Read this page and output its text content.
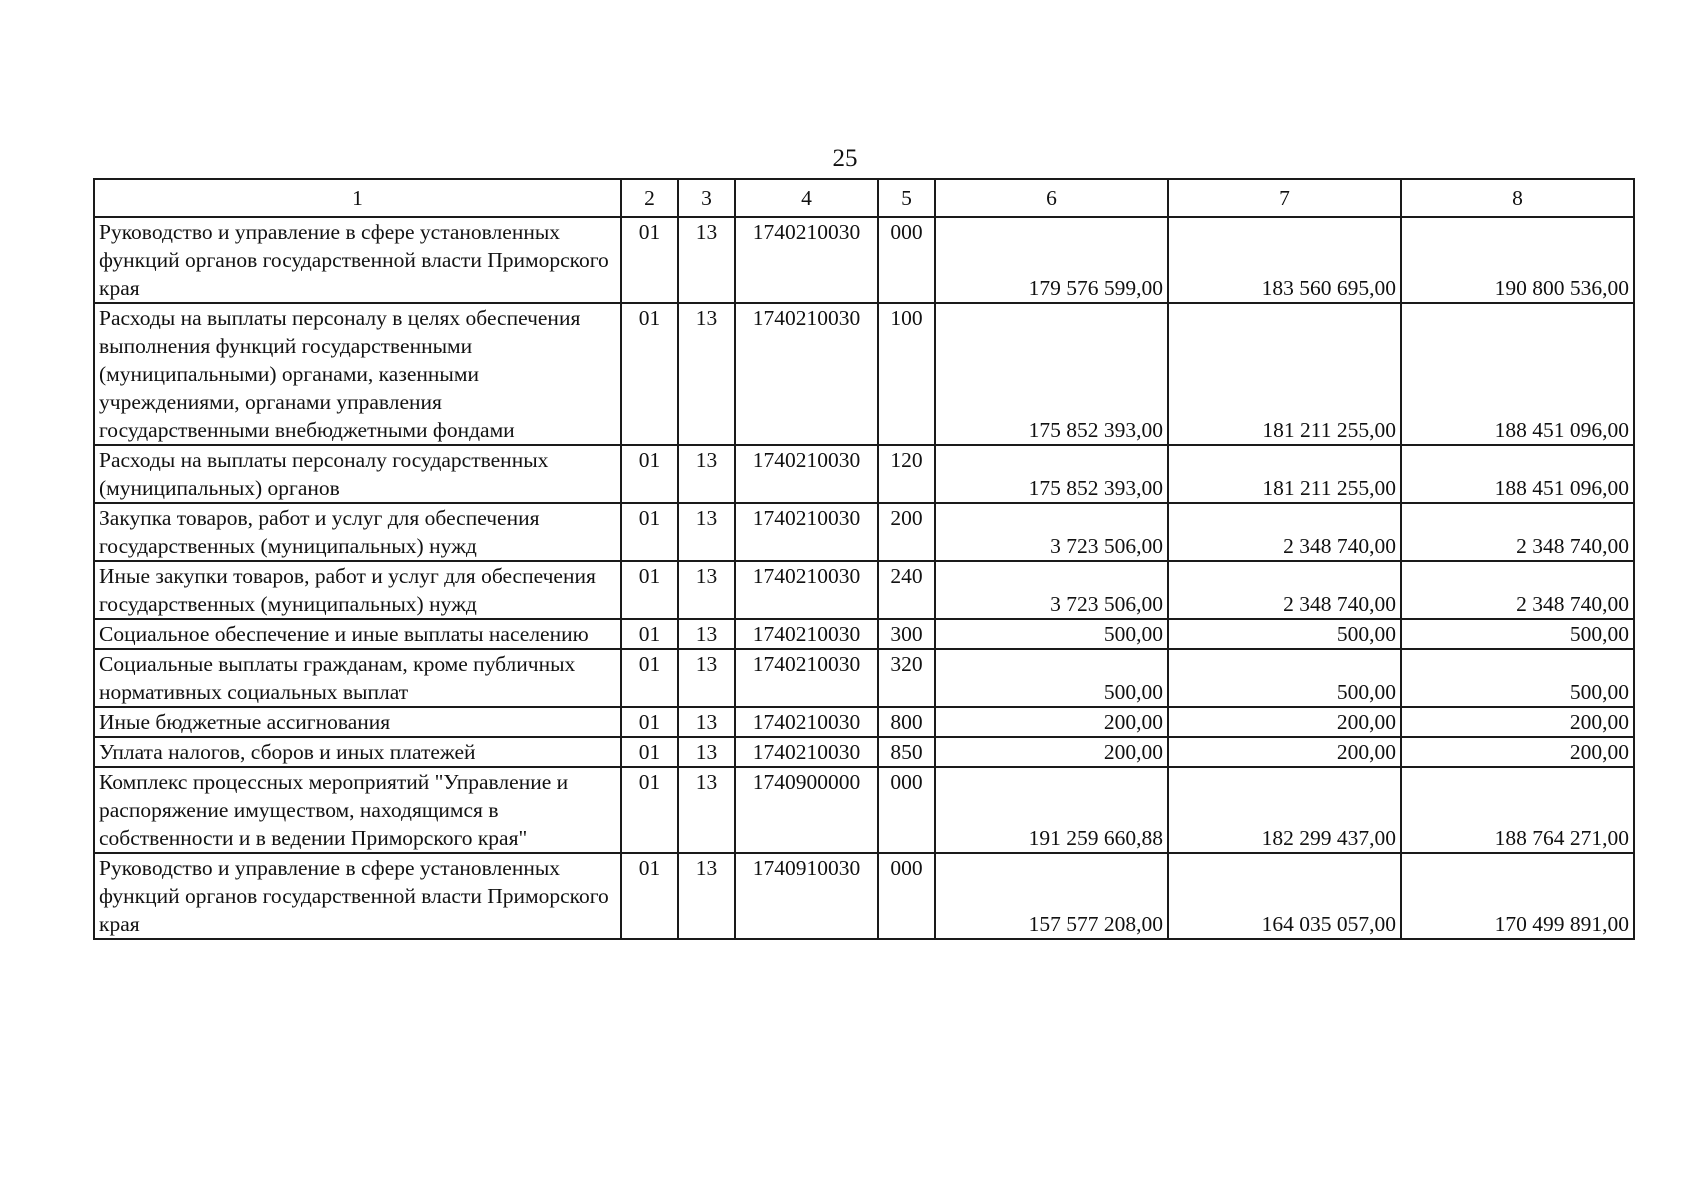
25
1	2	3	4	5	6	7	8
Руководство и управление в сфере установленных функций органов государственной власти Приморского края	01	13	1740210030	000	179 576 599,00	183 560 695,00	190 800 536,00
Расходы на выплаты персоналу в целях обеспечения выполнения функций государственными (муниципальными) органами, казенными учреждениями, органами управления государственными внебюджетными фондами	01	13	1740210030	100	175 852 393,00	181 211 255,00	188 451 096,00
Расходы на выплаты персоналу государственных (муниципальных) органов	01	13	1740210030	120	175 852 393,00	181 211 255,00	188 451 096,00
Закупка товаров, работ и услуг для обеспечения государственных (муниципальных) нужд	01	13	1740210030	200	3 723 506,00	2 348 740,00	2 348 740,00
Иные закупки товаров, работ и услуг для обеспечения государственных (муниципальных) нужд	01	13	1740210030	240	3 723 506,00	2 348 740,00	2 348 740,00
Социальное обеспечение и иные выплаты населению	01	13	1740210030	300	500,00	500,00	500,00
Социальные выплаты гражданам, кроме публичных нормативных социальных выплат	01	13	1740210030	320	500,00	500,00	500,00
Иные бюджетные ассигнования	01	13	1740210030	800	200,00	200,00	200,00
Уплата налогов, сборов и иных платежей	01	13	1740210030	850	200,00	200,00	200,00
Комплекс процессных мероприятий "Управление и распоряжение имуществом, находящимся в собственности и в ведении Приморского края"	01	13	1740900000	000	191 259 660,88	182 299 437,00	188 764 271,00
Руководство и управление в сфере установленных функций органов государственной власти Приморского края	01	13	1740910030	000	157 577 208,00	164 035 057,00	170 499 891,00
